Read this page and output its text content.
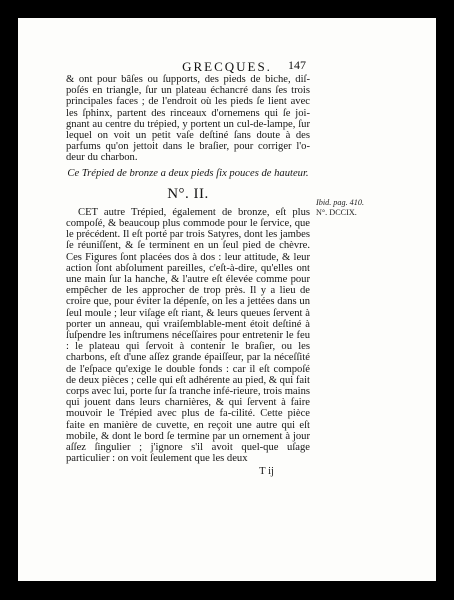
GRECQUES.	147

& ont pour bâſes ou ſupports, des pieds de biche, diſ-poſés en triangle, ſur un plateau échancré dans ſes trois principales faces ; de l'endroit où les pieds ſe lient avec les ſphinx, partent des rinceaux d'ornemens qui ſe joi-gnant au centre du trépied, y portent un cul-de-lampe, ſur lequel on voit un petit vaſe deſtiné ſans doute à des parfums qu'on jettoit dans le braſier, pour corriger l'o-deur du charbon.

Ce Trépied de bronze a deux pieds ſix pouces de hauteur.

N°. II.

CET autre Trépied, également de bronze, eſt plus compoſé, & beaucoup plus commode pour le ſervice, que le précédent. Il eſt porté par trois Satyres, dont les jambes ſe réuniſſent, & ſe terminent en un ſeul pied de chèvre. Ces Figures ſont placées dos à dos : leur attitude, & leur action ſont abſolument pareilles, c'eſt-à-dire, qu'elles ont une main ſur la hanche, & l'autre eſt élevée comme pour empêcher de les approcher de trop près. Il y a lieu de croire que, pour éviter la dépenſe, on les a jettées dans un ſeul moule ; leur viſage eſt riant, & leurs queues ſervent à porter un anneau, qui vraiſemblable-ment étoit deſtiné à ſuſpendre les inſtrumens néceſſaires pour entretenir le feu : le plateau qui ſervoit à contenir le braſier, ou les charbons, eſt d'une aſſez grande épaiſſeur, par la néceſſité de l'eſpace qu'exige le double fonds : car il eſt compoſé de deux pièces ; celle qui eſt adhérente au pied, & qui fait corps avec lui, porte ſur ſa tranche infé-rieure, trois mains qui jouent dans leurs charnières, & qui ſervent à faire mouvoir le Trépied avec plus de fa-cilité. Cette pièce faite en manière de cuvette, en reçoit une autre qui eſt mobile, & dont le bord ſe termine par un ornement à jour aſſez ſingulier ; j'ignore s'il avoit quel-que uſage particulier : on voit ſeulement que les deux

T ij

Ibid. pag. 410.
N°. DCCIX.
